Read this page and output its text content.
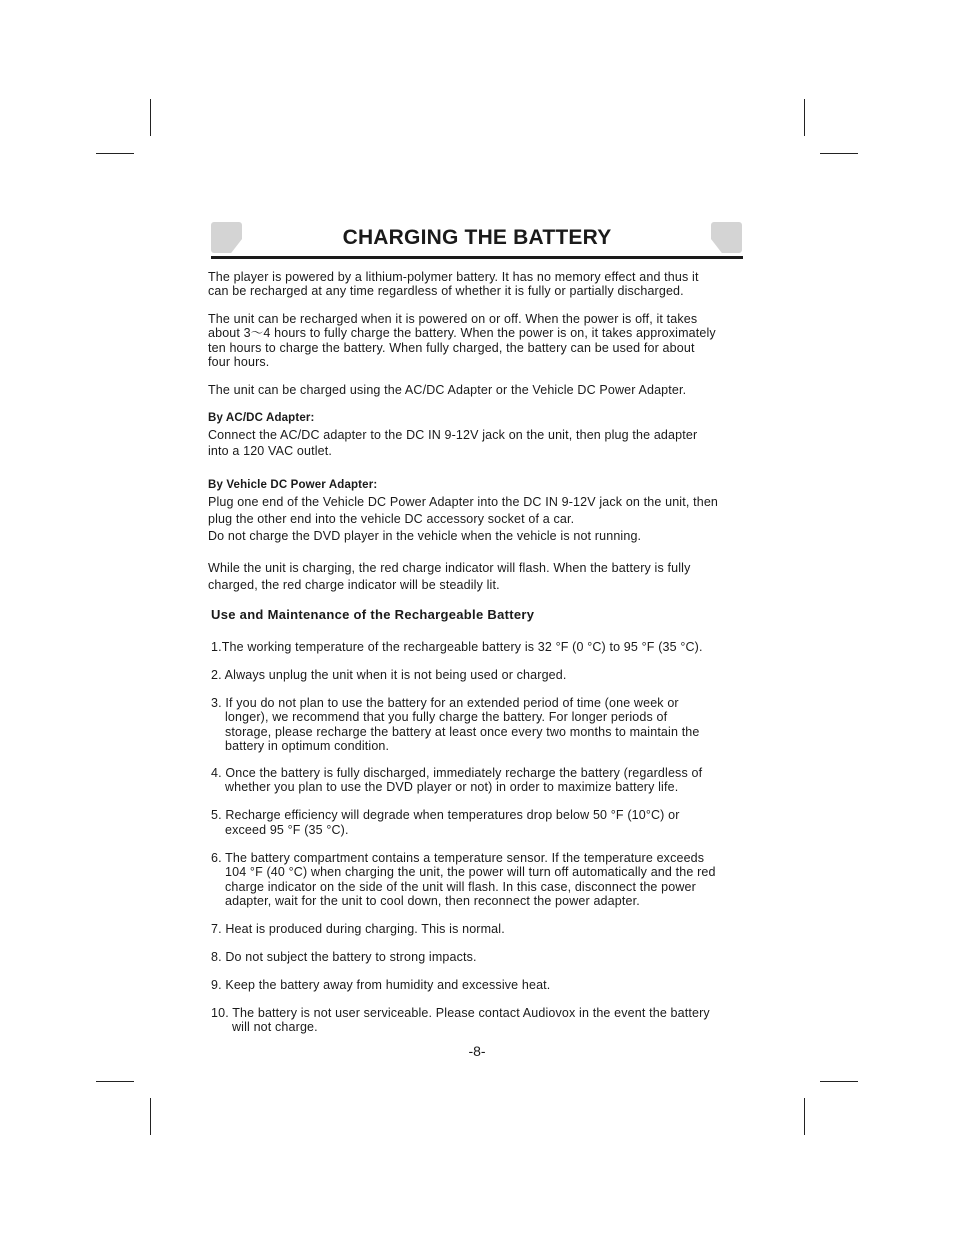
CHARGING THE BATTERY
The player is powered by a lithium-polymer battery. It has no memory effect and thus it
can be recharged at any time regardless of whether it is fully or partially discharged.
The unit can be recharged when it is powered on or off. When the power is off, it takes
about 3～4 hours to fully charge the battery. When the power is on, it takes approximately
ten hours to charge the battery. When fully charged, the battery can be used for about
four hours.
The unit can be charged using the AC/DC Adapter or the Vehicle DC Power Adapter.
By AC/DC Adapter:
Connect the AC/DC adapter to the DC IN 9-12V jack on the unit, then plug the adapter
into a 120 VAC outlet.
By Vehicle DC Power Adapter:
Plug one end of the Vehicle DC Power Adapter into the DC IN 9-12V jack on the unit, then
plug the other end into the vehicle DC accessory socket of a car.
Do not charge the DVD player in the vehicle when the vehicle is not running.
While the unit is charging, the red charge indicator will flash. When the battery is fully
charged, the red charge indicator will be steadily lit.
Use and Maintenance of the Rechargeable Battery
1.The working temperature of the rechargeable battery is 32 °F (0 °C) to 95 °F (35 °C).
2. Always unplug the unit when it is not being used or charged.
3. If you do not plan to use the battery for an extended period of time (one week or
longer), we recommend that you fully charge the battery. For longer periods of
storage, please recharge the battery at least once every two months to maintain the
battery in optimum condition.
4. Once the battery is fully discharged, immediately recharge the battery (regardless of
whether you plan to use the DVD player or not) in order to maximize battery life.
5. Recharge efficiency will degrade when temperatures drop below 50 °F (10°C) or
exceed 95 °F (35 °C).
6. The battery compartment contains a temperature sensor. If the temperature exceeds
104 °F (40 °C) when charging the unit, the power will turn off automatically and the red
charge indicator on the side of the unit will flash. In this case, disconnect the power
adapter, wait for the unit to cool down, then reconnect the power adapter.
7. Heat is produced during charging. This is normal.
8. Do not subject the battery to strong impacts.
9. Keep the battery away from humidity and excessive heat.
10. The battery is not user serviceable. Please contact Audiovox in the event the battery
will not charge.
-8-
